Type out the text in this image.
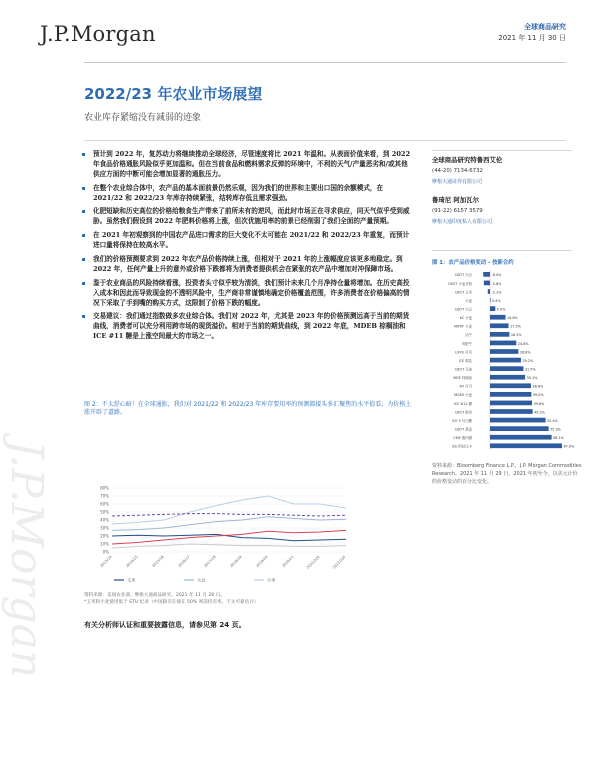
J.P.Morgan	全球商品研究
2021 年 11 月 30 日
2022/23 年农业市场展望
农业库存紧缩没有减弱的迹象
预计到 2022 年，复苏动力将继续推动全球经济，尽管速度将比 2021 年温和。从表面价值来看，到 2022 年食品价格通胀风险似乎更加温和。但在当前食品和燃料需求反弹的环境中，不利的天气/产量恶劣和/或其他供应方面的中断可能会增加显著的通胀压力。
在整个农业综合体中，农产品的基本面前景仍然乐观，因为我们的世界和主要出口国的余额模式，在 2021/22 和 2022/23 年库存持续紧张，结转库存低且需求强劲。
化肥短缺和历史高位的价格给粮食生产带来了前所未有的逆风，而此时市场正在寻求供应，同天气似乎受到威胁。虽然我们假设到 2022 年肥料价格将上涨，但次优施用率的前景已经削弱了我们全面的产量预期。
在 2021 年初观察到的中国农产品进口需求的巨大变化不太可能在 2021/22 和 2022/23 年重复，而预计进口量将保持在较高水平。
我们的价格预测要求到 2022 年农产品价格持续上涨，但相对于 2021 年的上涨幅度应该更多地稳定。到 2022 年，任何产量上升的意外或价格下跌都将为消费者提供机会在紧张的农产品中增加对冲保障市场。
鉴于农业商品的风险持续看涨，投资者头寸似乎较为清淡，我们预计未来几个月净持仓量将增加。在历史高投入成本和因此而导致现金的不透明风险中，生产商非常谨慎地确定价格覆盖范围，许多消费者在价格偏高的情况下采取了手到嘴的购买方式，这限制了价格下跌的幅度。
交易建议：我们通过指数做多农业综合体。我们对 2022 年，尤其是 2023 年的价格预测远高于当前的期货曲线，消费者可以充分利用跨市场的现货溢价。相对于当前的期货曲线，到 2022 年底，MDEB 棕榈油和 ICE #11 糖是上涨空间最大的市场之一。
图 2：不太舒心暗！在全球通胀，我们对 2021/22 和 2022/23 年库存要用率的预测都接头多汇聚焦的水平值看，为价格上涨开辟了道路。
0%
10%
20%
30%
40%
50%
60%
70%
80%
2013/14	2014/15	2015/16	2016/17	2017/18	2018/19	2019/20	2020/21	2021/22E	2022/23F
玉米	大豆	小麦
资料来源：美国农业部，摩根大通商品研究，2021 年 11 月 26 日。
*玉米和小麦使用低于 STU 纪录（中国除非在端在 50% 则前持有率，不太可靠估计）
有关分析师认证和重要披露信息，请参见第 24 页。
全球商品研究特鲁西艾伦
(44-20) 7134-6732
摩根大通证券有限公司
鲁琦尼 阿加瓦尔
(91-22) 6157 3579
摩根大通印度私人有限公司
图 1：农产品价格变动 - 按新合约
CBOT 大豆	-6.4%
CBOT 小麦豆粕	-5.8%
CBOT 玉米	-2.1%
小麦	0.4%
CBOT 大豆	5.0%
KC 小麦	14.6%
MATIF 小麦	17.5%
活牛	18.3%
育肥牛	24.8%
LIFFE 可可	26.8%
ICE 棉花	29.2%
CBOT 豆油	31.5%
MDE 棕榈油	33.1%
NY 可可	38.6%
MGEX 小麦	39.0%
ICE #11 糖	39.6%
CBOT 稻米	40.2%
ICE 5 号白糖	52.4%
CBOT 燕麦	55.3%
CME 瘦肉猪	58.1%
ICE 阿拉比卡	67.9%
资料来源：Bloomberg Finance L.P.，J.P. Morgan Commodities Research。2021 年 11 月 29 日，2021 年初至今，以美元计价的价格变动的百分比变化。
J.P.Morgan
